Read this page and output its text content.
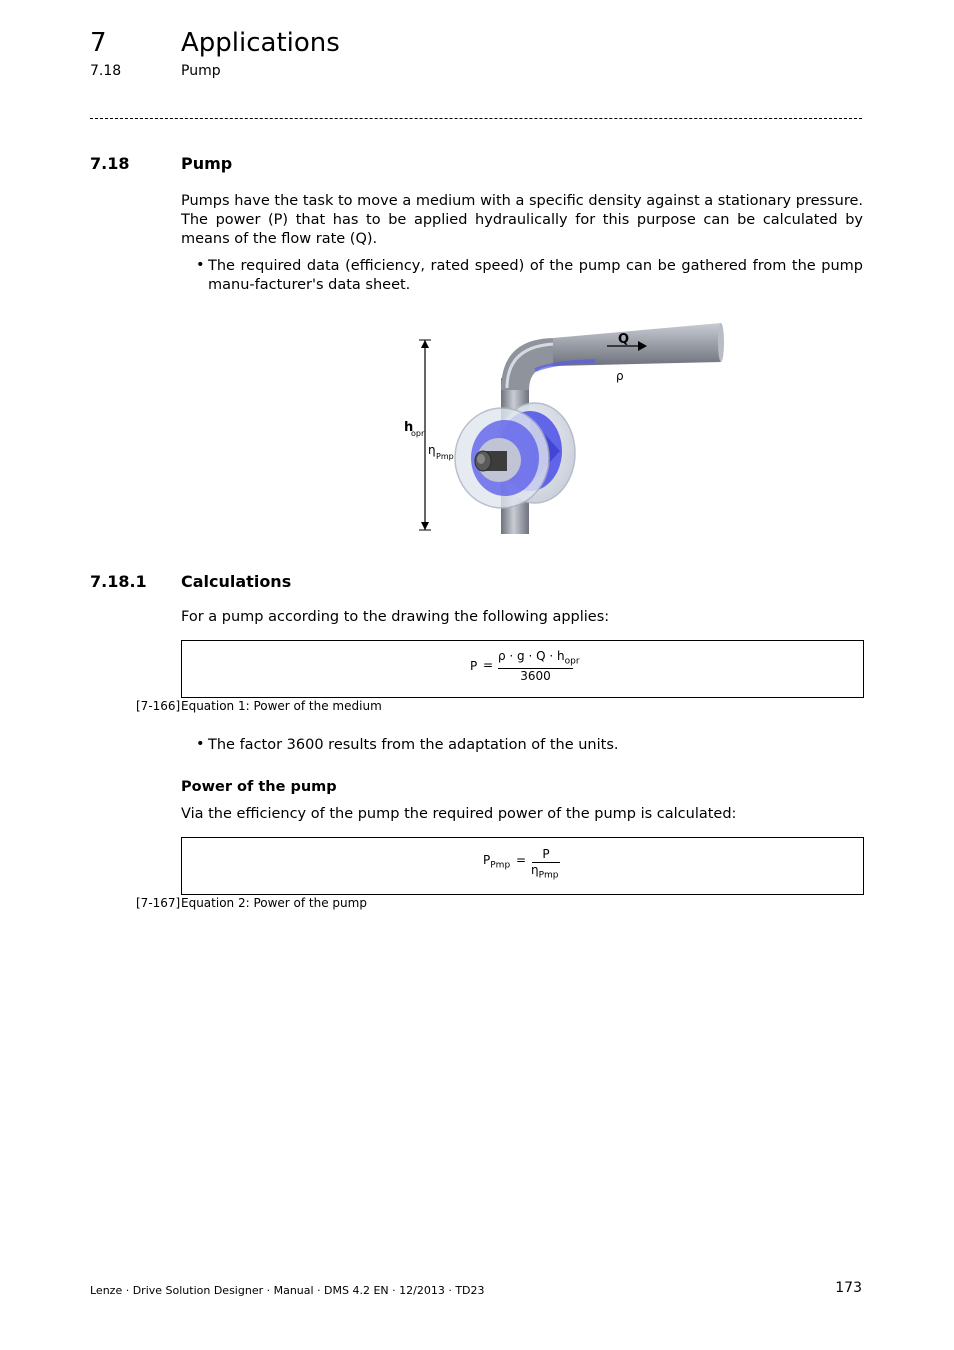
7	Applications
7.18	Pump
7.18	Pump
Pumps have the task to move a medium with a specific density against a stationary pressure. The power (P) that has to be applied hydraulically for this purpose can be calculated by means of the flow rate (Q).
• The required data (efficiency, rated speed) of the pump can be gathered from the pump manu-facturer's data sheet.
Q
ρ
h
opr
η Pmp
7.18.1 Calculations
For a pump according to the drawing the following applies:
P =
$\rho \cdot g \cdot Q \cdot h_{opr}$
3600
[7-166] Equation 1: Power of the medium
• The factor 3600 results from the adaptation of the units.
Power of the pump
Via the efficiency of the pump the required power of the pump is calculated:
$P_{Pmp}$ =	P
$\eta_{Pmp}$
[7-167] Equation 2: Power of the pump
Lenze · Drive Solution Designer · Manual · DMS 4.2 EN · 12/2013 · TD23	173
